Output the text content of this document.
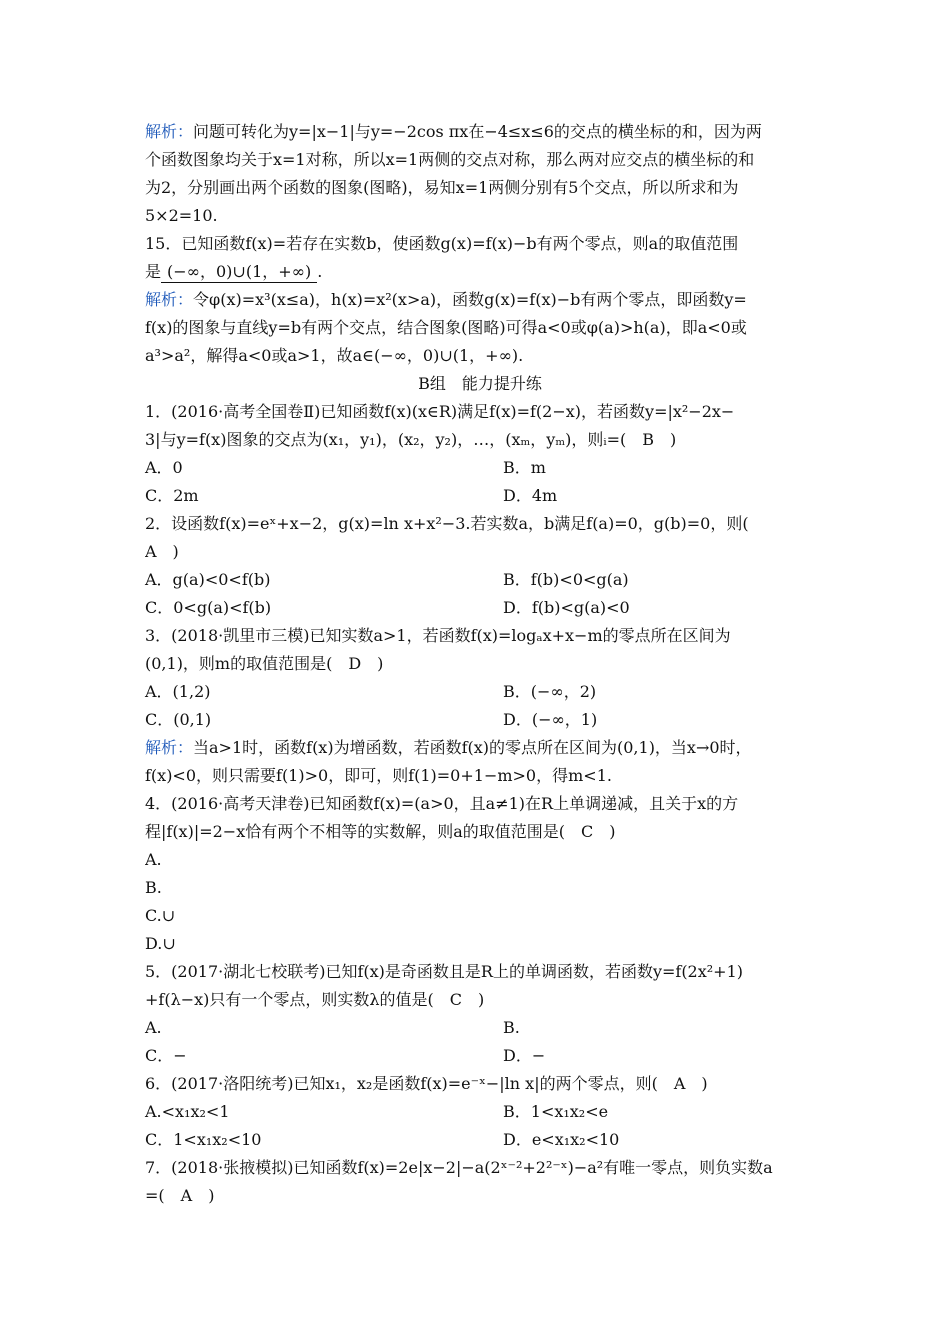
解析：问题可转化为y=|x−1|与y=−2cos πx在−4≤x≤6的交点的横坐标的和，因为两
个函数图象均关于x=1对称，所以x=1两侧的交点对称，那么两对应交点的横坐标的和
为2，分别画出两个函数的图象(图略)，易知x=1两侧分别有5个交点，所以所求和为
5×2=10.
15．已知函数f(x)=若存在实数b，使函数g(x)=f(x)−b有两个零点，则a的取值范围
是 (−∞，0)∪(1，+∞) .
解析：令φ(x)=x³(x≤a)，h(x)=x²(x>a)，函数g(x)=f(x)−b有两个零点，即函数y=
f(x)的图象与直线y=b有两个交点，结合图象(图略)可得a<0或φ(a)>h(a)，即a<0或
a³>a²，解得a<0或a>1，故a∈(−∞，0)∪(1，+∞).
B组　能力提升练
1．(2016·高考全国卷Ⅱ)已知函数f(x)(x∈R)满足f(x)=f(2−x)，若函数y=|x²−2x−
3|与y=f(x)图象的交点为(x₁，y₁)，(x₂，y₂)，…，(xₘ，yₘ)，则ᵢ=(　B　)
A．0	B．m
C．2m	D．4m
2．设函数f(x)=eˣ+x−2，g(x)=ln x+x²−3.若实数a，b满足f(a)=0，g(b)=0，则(
A　)
A．g(a)<0<f(b)	B．f(b)<0<g(a)
C．0<g(a)<f(b)	D．f(b)<g(a)<0
3．(2018·凯里市三模)已知实数a>1，若函数f(x)=logₐx+x−m的零点所在区间为
(0,1)，则m的取值范围是(　D　)
A．(1,2)	B．(−∞，2)
C．(0,1)	D．(−∞，1)
解析：当a>1时，函数f(x)为增函数，若函数f(x)的零点所在区间为(0,1)，当x→0时，
f(x)<0，则只需要f(1)>0，即可，则f(1)=0+1−m>0，得m<1.
4．(2016·高考天津卷)已知函数f(x)=(a>0，且a≠1)在R上单调递减，且关于x的方
程|f(x)|=2−x恰有两个不相等的实数解，则a的取值范围是(　C　)
A.
B.
C.∪
D.∪
5．(2017·湖北七校联考)已知f(x)是奇函数且是R上的单调函数，若函数y=f(2x²+1)
+f(λ−x)只有一个零点，则实数λ的值是(　C　)
A.	B.
C．−	D．−
6．(2017·洛阳统考)已知x₁，x₂是函数f(x)=e⁻ˣ−|ln x|的两个零点，则(　A　)
A.<x₁x₂<1	B．1<x₁x₂<e
C．1<x₁x₂<10	D．e<x₁x₂<10
7．(2018·张掖模拟)已知函数f(x)=2e|x−2|−a(2ˣ⁻²+2²⁻ˣ)−a²有唯一零点，则负实数a
=(　A　)
